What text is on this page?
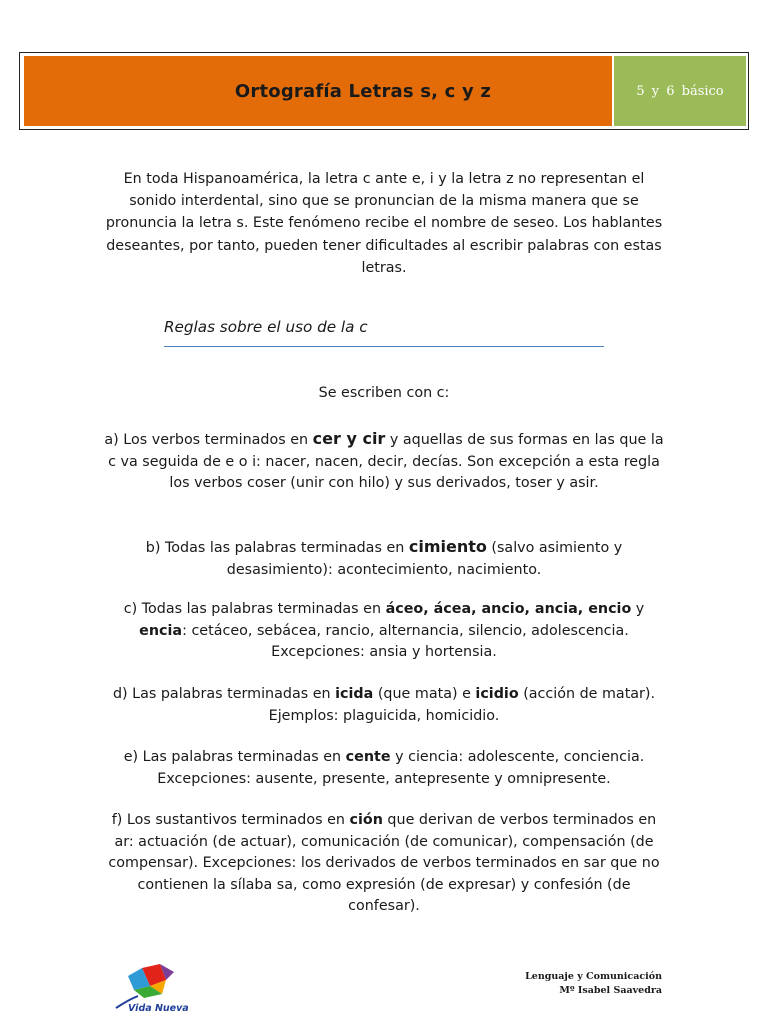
Ortografía Letras s, c y z	5 y 6 básico

En toda Hispanoamérica, la letra c ante e, i y la letra z no representan el sonido interdental, sino que se pronuncian de la misma manera que se pronuncia la letra s. Este fenómeno recibe el nombre de seseo. Los hablantes deseantes, por tanto, pueden tener dificultades al escribir palabras con estas letras.

Reglas sobre el uso de la c

Se escriben con c:

a) Los verbos terminados en cer y cir y aquellas de sus formas en las que la c va seguida de e o i: nacer, nacen, decir, decías. Son excepción a esta regla los verbos coser (unir con hilo) y sus derivados, toser y asir.

b) Todas las palabras terminadas en cimiento (salvo asimiento y desasimiento): acontecimiento, nacimiento.

c) Todas las palabras terminadas en áceo, ácea, ancio, ancia, encio y encia: cetáceo, sebácea, rancio, alternancia, silencio, adolescencia. Excepciones: ansia y hortensia.

d) Las palabras terminadas en icida (que mata) e icidio (acción de matar). Ejemplos: plaguicida, homicidio.

e) Las palabras terminadas en cente y ciencia: adolescente, conciencia. Excepciones: ausente, presente, antepresente y omnipresente.

f) Los sustantivos terminados en ción que derivan de verbos terminados en ar: actuación (de actuar), comunicación (de comunicar), compensación (de compensar). Excepciones: los derivados de verbos terminados en sar que no contienen la sílaba sa, como expresión (de expresar) y confesión (de confesar).

Vida Nueva
Lenguaje y Comunicación
Mº Isabel Saavedra
